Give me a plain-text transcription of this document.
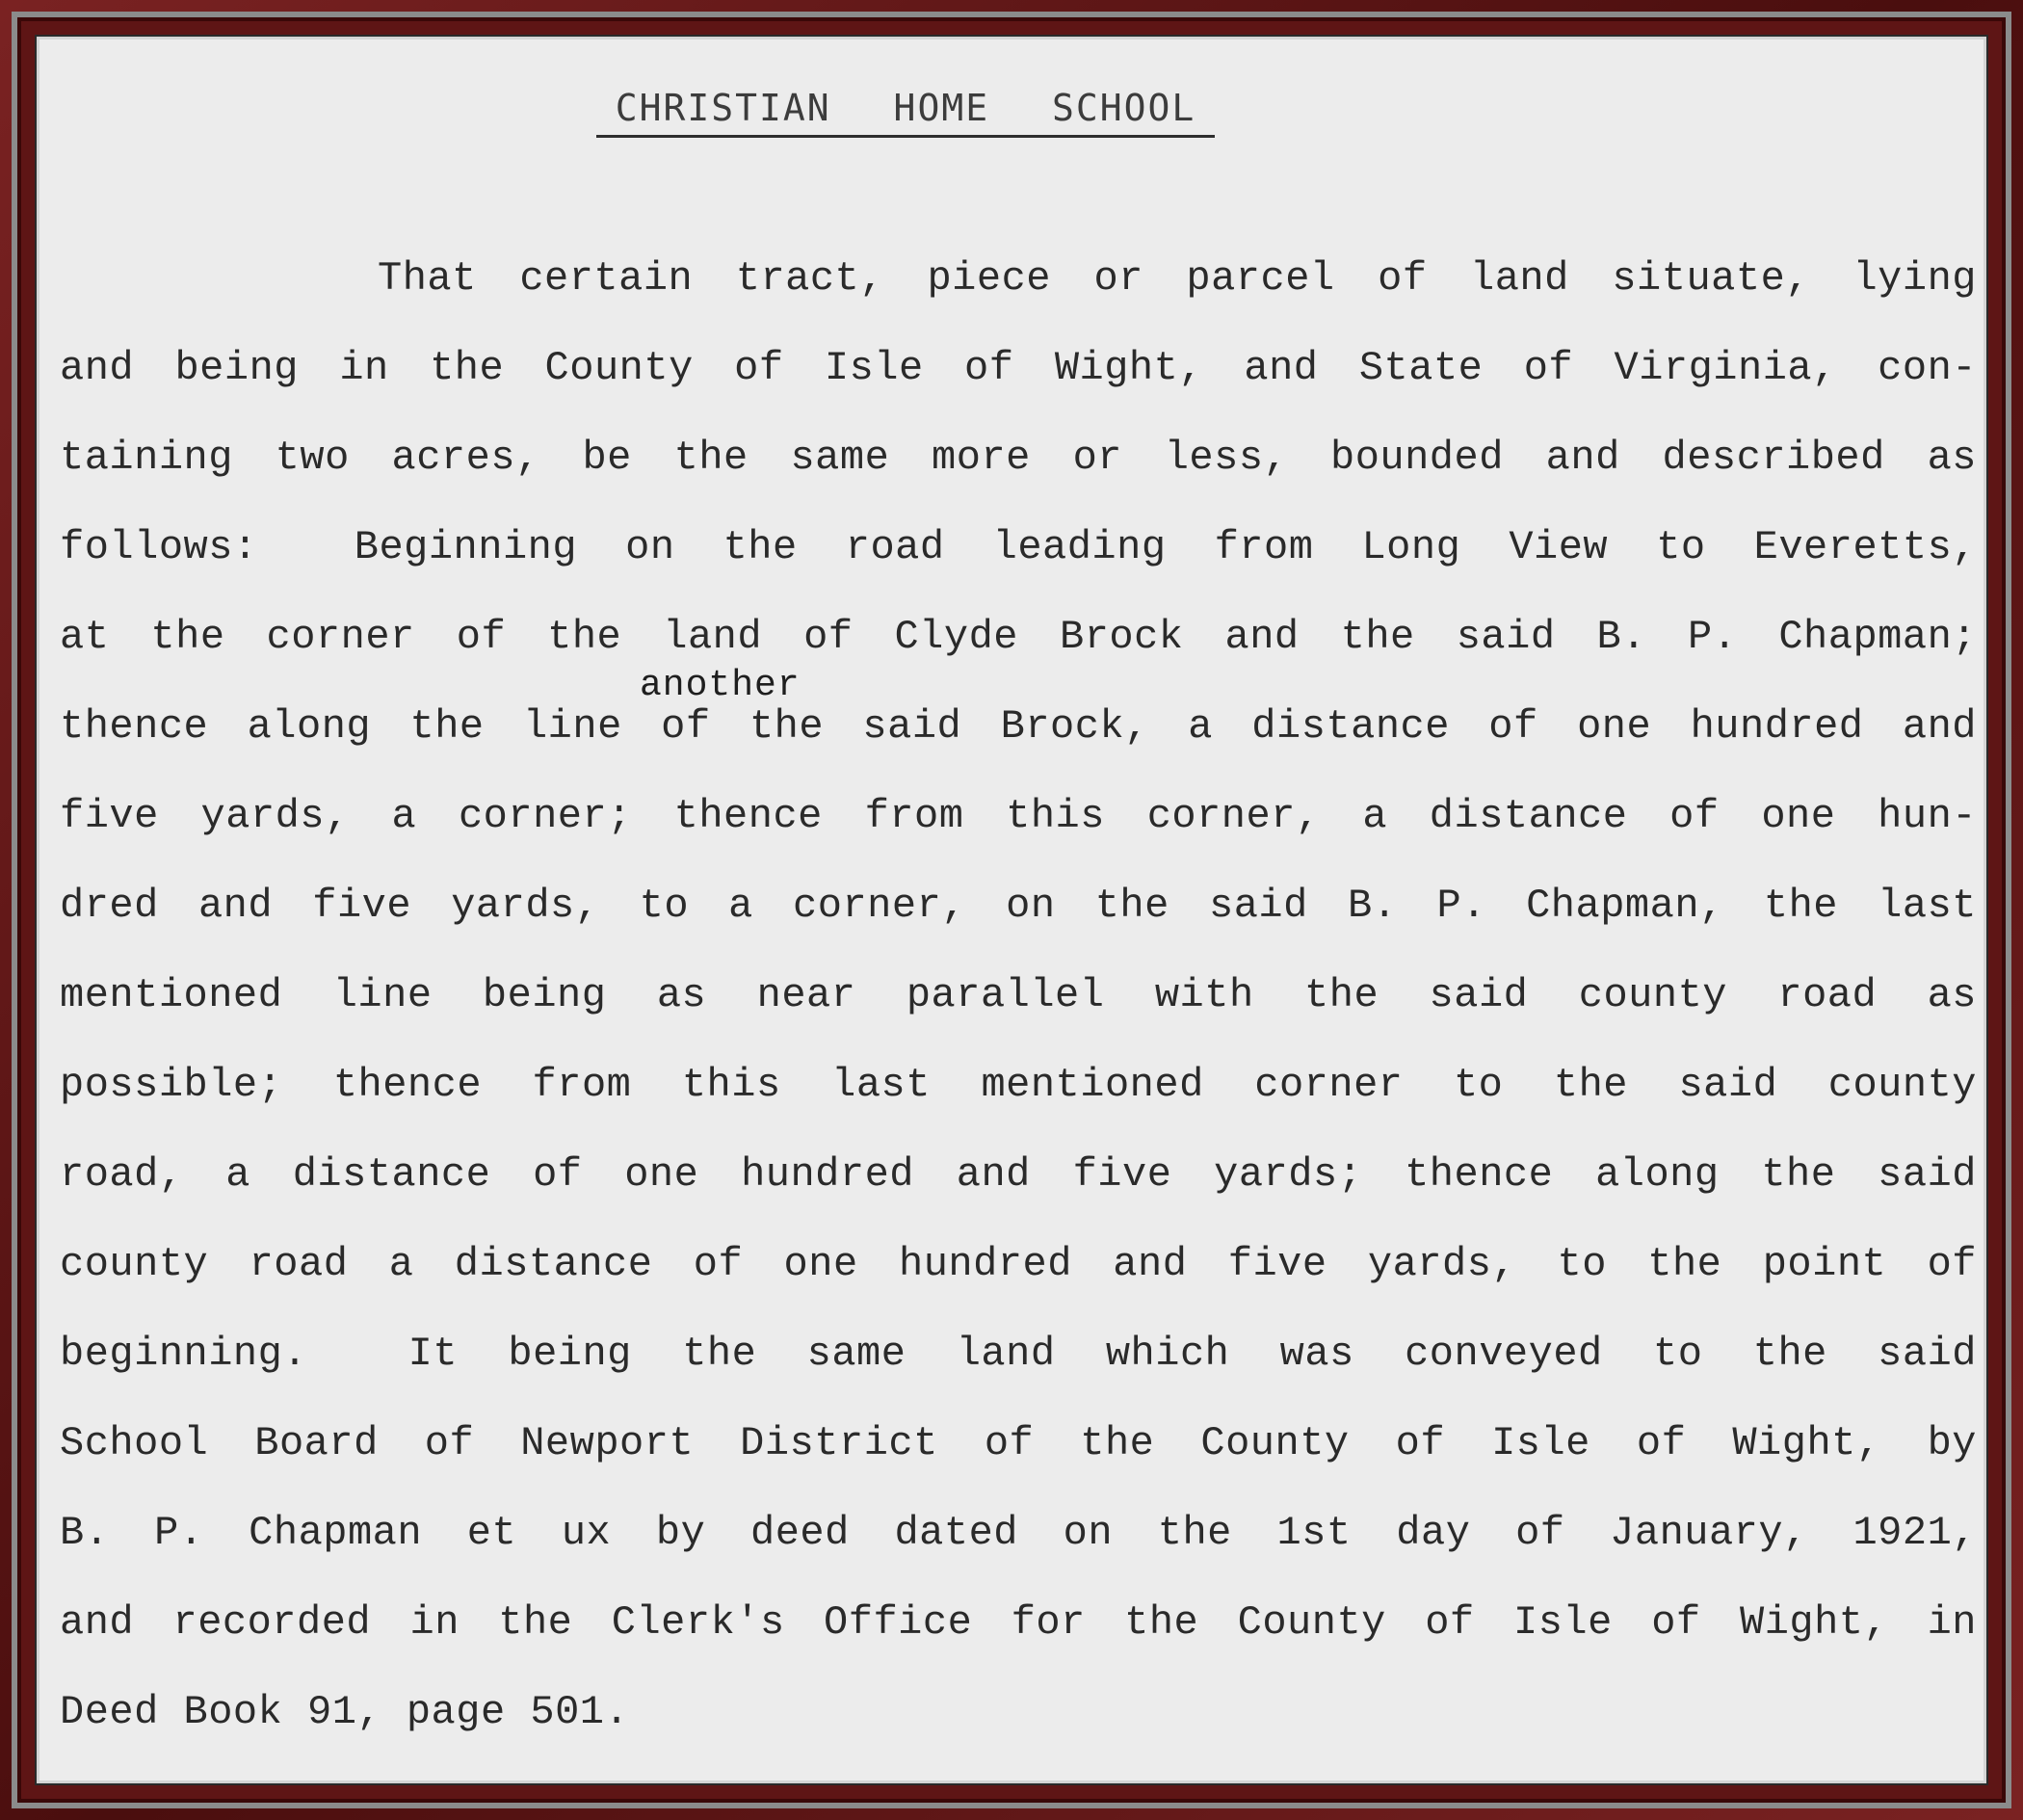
CHRISTIAN HOME SCHOOL
another
That certain tract, piece or parcel of land situate, lying
and being in the County of Isle of Wight, and State of Virginia, con-
taining two acres, be the same more or less, bounded and described as
follows:  Beginning on the road leading from Long View to Everetts,
at the corner of the land of Clyde Brock and the said B. P. Chapman;
thence along the line of the said Brock, a distance of one hundred and
five yards, a corner; thence from this corner, a distance of one hun-
dred and five yards, to a corner, on the said B. P. Chapman, the last
mentioned line being as near parallel with the said county road as
possible; thence from this last mentioned corner to the said county
road, a distance of one hundred and five yards; thence along the said
county road a distance of one hundred and five yards, to the point of
beginning.  It being the same land which was conveyed to the said
School Board of Newport District of the County of Isle of Wight, by
B. P. Chapman et ux by deed dated on the 1st day of January, 1921,
and recorded in the Clerk's Office for the County of Isle of Wight, in
Deed Book 91, page 501.
